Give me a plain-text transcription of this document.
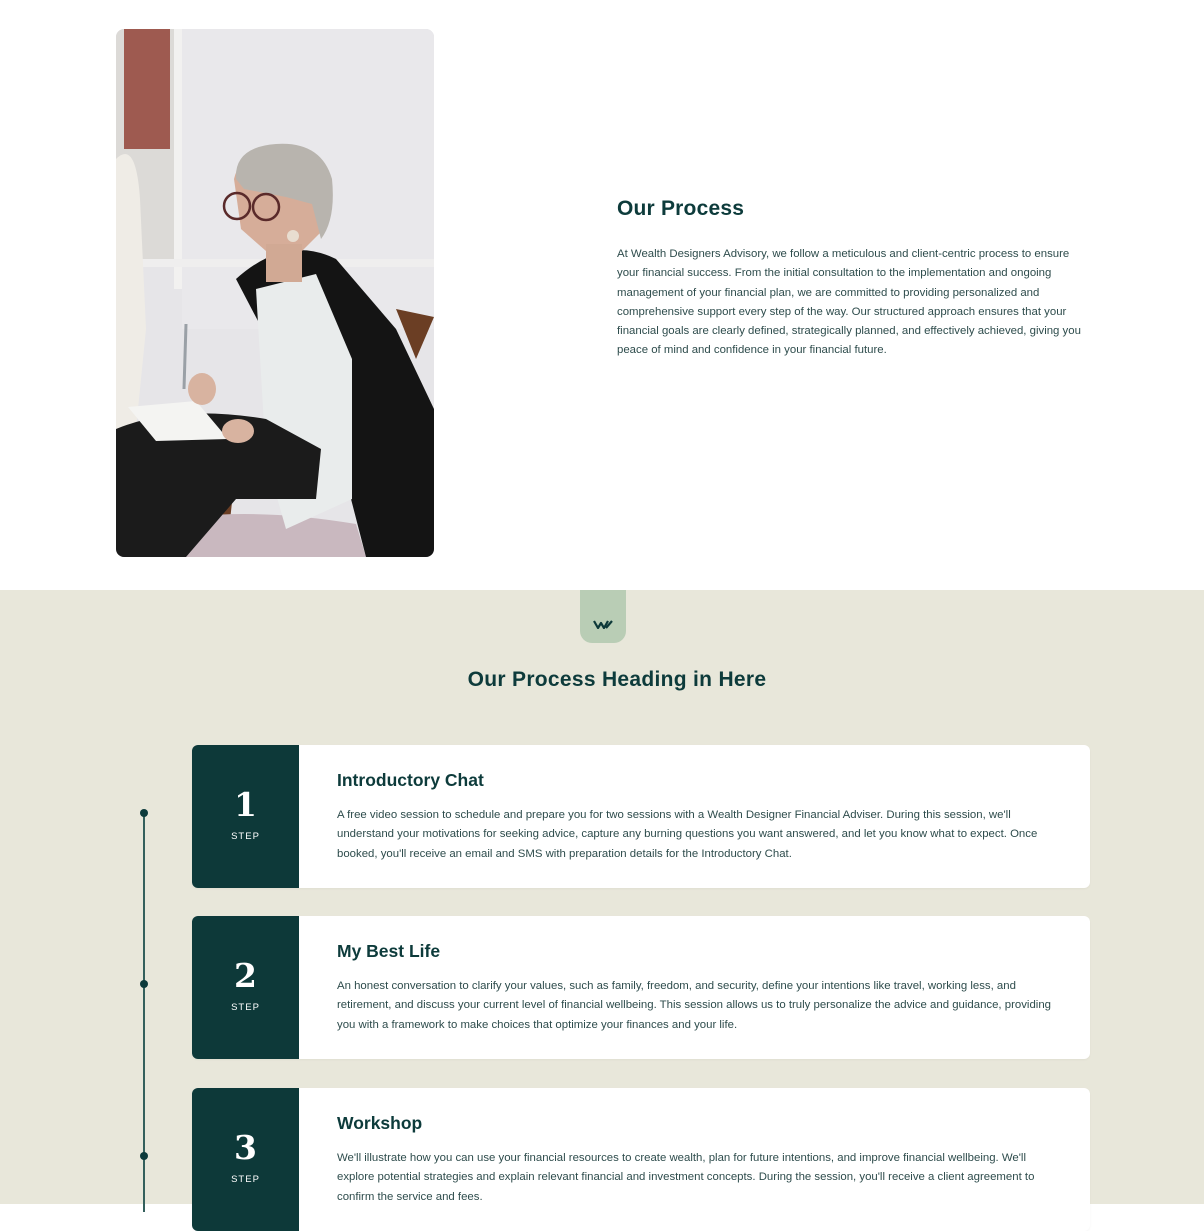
Our Process

At Wealth Designers Advisory, we follow a meticulous and client-centric process to ensure your financial success. From the initial consultation to the implementation and ongoing management of your financial plan, we are committed to providing personalized and comprehensive support every step of the way. Our structured approach ensures that your financial goals are clearly defined, strategically planned, and effectively achieved, giving you peace of mind and confidence in your financial future.

Our Process Heading in Here
1
STEP
Introductory Chat

A free video session to schedule and prepare you for two sessions with a Wealth Designer Financial Adviser. During this session, we'll understand your motivations for seeking advice, capture any burning questions you want answered, and let you know what to expect. Once booked, you'll receive an email and SMS with preparation details for the Introductory Chat.

2
STEP
My Best Life

An honest conversation to clarify your values, such as family, freedom, and security, define your intentions like travel, working less, and retirement, and discuss your current level of financial wellbeing. This session allows us to truly personalize the advice and guidance, providing you with a framework to make choices that optimize your finances and your life.

3
STEP
Workshop

We'll illustrate how you can use your financial resources to create wealth, plan for future intentions, and improve financial wellbeing. We'll explore potential strategies and explain relevant financial and investment concepts. During the session, you'll receive a client agreement to confirm the service and fees.
